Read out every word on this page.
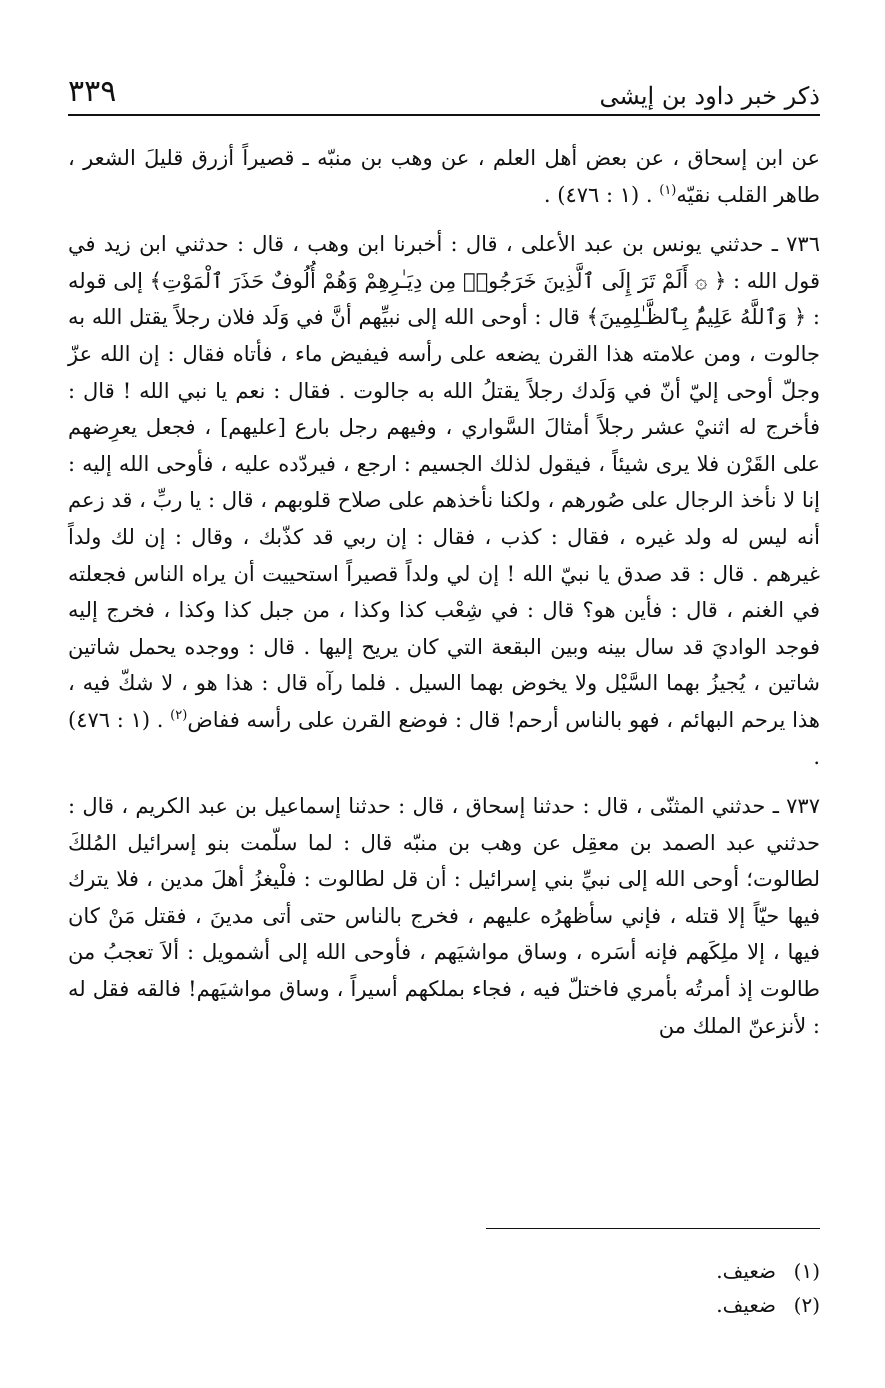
ذكر خبر داود بن إيشى
٣٣٩

عن ابن إسحاق ، عن بعض أهل العلم ، عن وهب بن منبّه ـ قصيراً أزرق قليلَ الشعر ، طاهر القلب نقيّه$^{(١)}$ . (١ : ٤٧٦) .

٧٣٦ ـ حدثني يونس بن عبد الأعلى ، قال : أخبرنا ابن وهب ، قال : حدثني ابن زيد في قول الله : ﴿ ۞ أَلَمْ تَرَ إِلَى ٱلَّذِينَ خَرَجُوا۟ مِن دِيَـٰرِهِمْ وَهُمْ أُلُوفٌ حَذَرَ ٱلْمَوْتِ﴾ إلى قوله : ﴿ وَٱللَّهُ عَلِيمٌۢ بِٱلظَّـٰلِمِينَ﴾ قال : أوحى الله إلى نبيِّهم أنَّ في وَلَد فلان رجلاً يقتل الله به جالوت ، ومن علامته هذا القرن يضعه على رأسه فيفيض ماء ، فأتاه فقال : إن الله عزّ وجلّ أوحى إليّ أنّ في وَلَدك رجلاً يقتلُ الله به جالوت . فقال : نعم يا نبي الله ! قال : فأخرج له اثنيْ عشر رجلاً أمثالَ السَّواري ، وفيهم رجل بارع [عليهم] ، فجعل يعرِضهم على القَرْن فلا يرى شيئاً ، فيقول لذلك الجسيم : ارجع ، فيردّده عليه ، فأوحى الله إليه : إنا لا نأخذ الرجال على صُورهم ، ولكنا نأخذهم على صلاح قلوبهم ، قال : يا ربِّ ، قد زعم أنه ليس له ولد غيره ، فقال : كذب ، فقال : إن ربي قد كذّبك ، وقال : إن لك ولداً غيرهم . قال : قد صدق يا نبيّ الله ! إن لي ولداً قصيراً استحييت أن يراه الناس فجعلته في الغنم ، قال : فأين هو؟ قال : في شِعْب كذا وكذا ، من جبل كذا وكذا ، فخرج إليه فوجد الواديَ قد سال بينه وبين البقعة التي كان يريح إليها . قال : ووجده يحمل شاتين شاتين ، يُجيزُ بهما السَّيْل ولا يخوض بهما السيل . فلما رآه قال : هذا هو ، لا شكّ فيه ، هذا يرحم البهائم ، فهو بالناس أرحم! قال : فوضع القرن على رأسه ففاض$^{(٢)}$ . (١ : ٤٧٦) .

٧٣٧ ـ حدثني المثنّى ، قال : حدثنا إسحاق ، قال : حدثنا إسماعيل بن عبد الكريم ، قال : حدثني عبد الصمد بن معقِل عن وهب بن منبّه قال : لما سلّمت بنو إسرائيل المُلكَ لطالوت؛ أوحى الله إلى نبيِّ بني إسرائيل : أن قل لطالوت : فلْيغزُ أهلَ مدين ، فلا يترك فيها حيّاً إلا قتله ، فإني سأظهرُه عليهم ، فخرج بالناس حتى أتى مدينَ ، فقتل مَنْ كان فيها ، إلا ملِكَهم فإنه أسَره ، وساق مواشيَهم ، فأوحى الله إلى أشمويل : ألاَ تعجبُ من طالوت إذ أمرتُه بأمري فاختلّ فيه ، فجاء بملكهم أسيراً ، وساق مواشيَهم! فالقه فقل له : لأنزعنّ الملك من

(١)ضعيف.
(٢)ضعيف.
